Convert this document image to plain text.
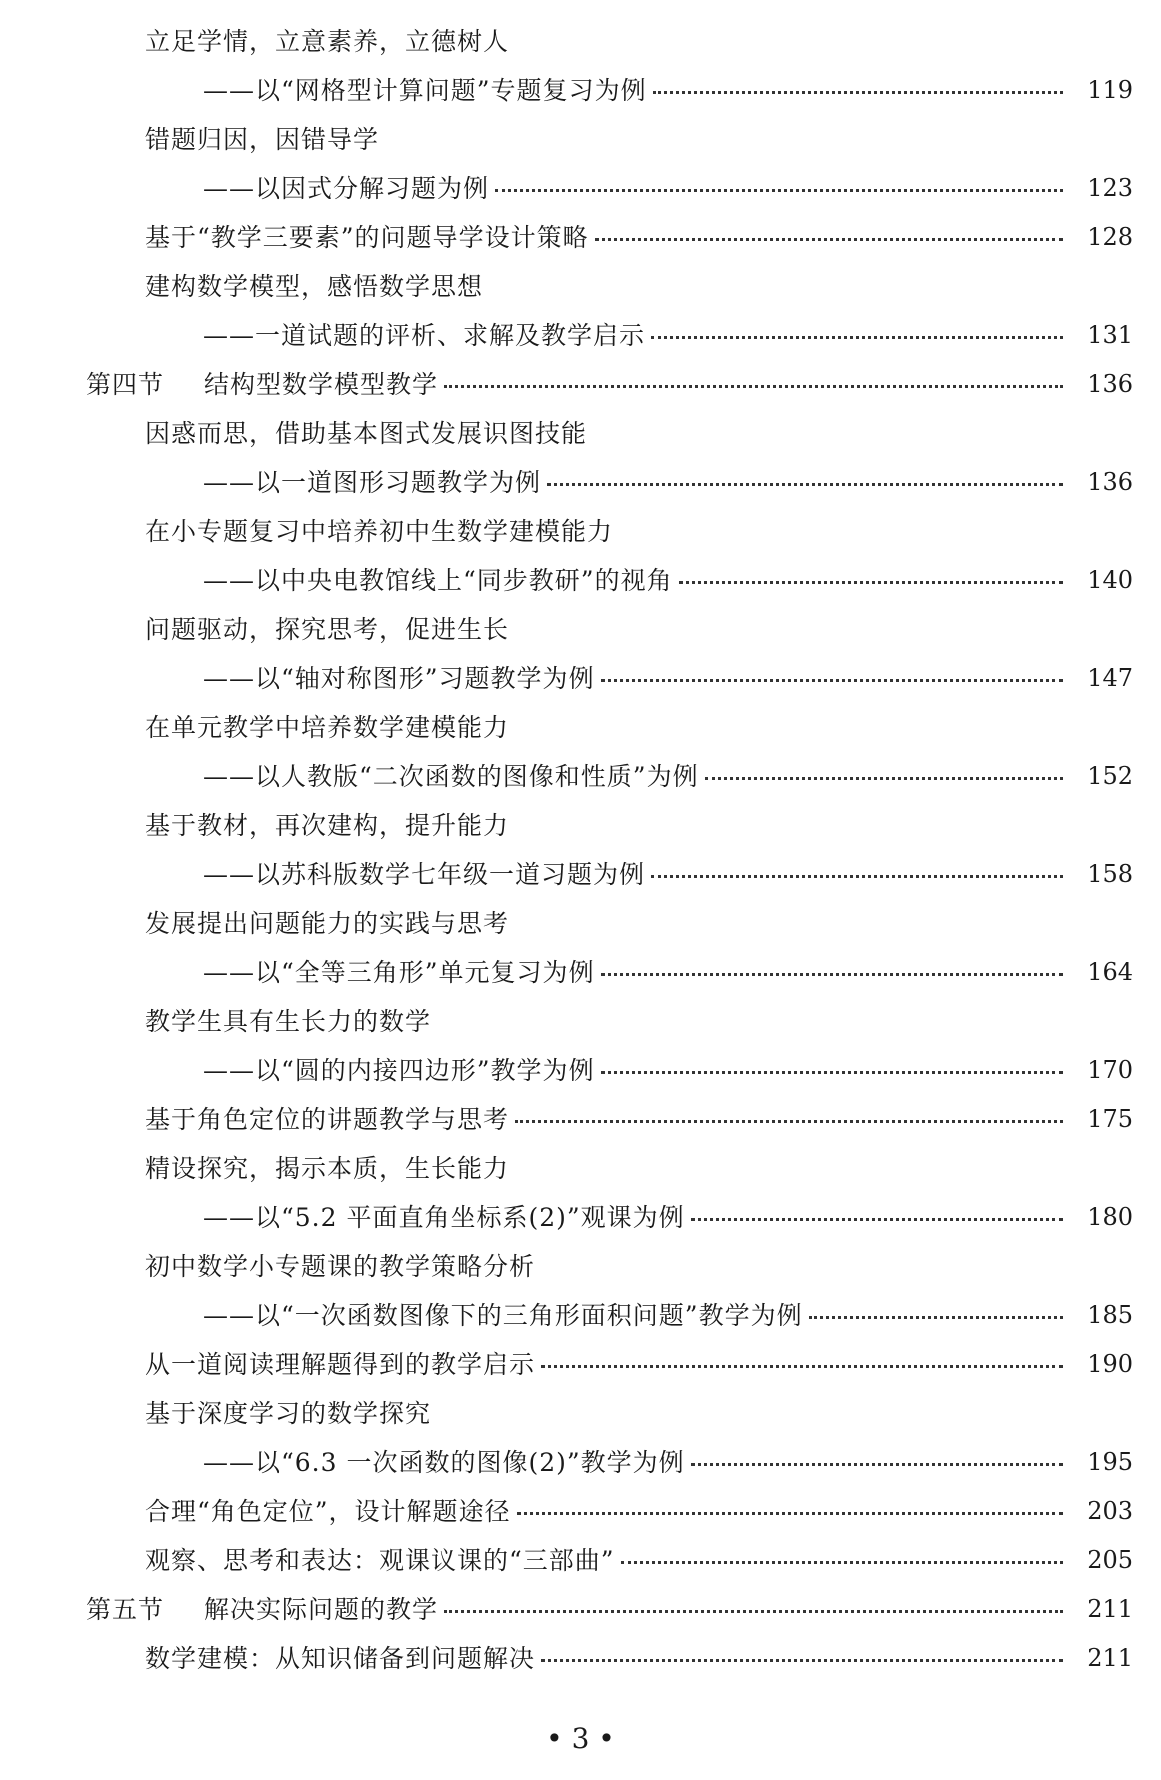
立足学情，立意素养，立德树人
——以“网格型计算问题”专题复习为例	119
错题归因，因错导学
——以因式分解习题为例	123
基于“教学三要素”的问题导学设计策略	128
建构数学模型，感悟数学思想
——一道试题的评析、求解及教学启示	131
第四节	结构型数学模型教学	136
因惑而思，借助基本图式发展识图技能
——以一道图形习题教学为例	136
在小专题复习中培养初中生数学建模能力
——以中央电教馆线上“同步教研”的视角	140
问题驱动，探究思考，促进生长
——以“轴对称图形”习题教学为例	147
在单元教学中培养数学建模能力
——以人教版“二次函数的图像和性质”为例	152
基于教材，再次建构，提升能力
——以苏科版数学七年级一道习题为例	158
发展提出问题能力的实践与思考
——以“全等三角形”单元复习为例	164
教学生具有生长力的数学
——以“圆的内接四边形”教学为例	170
基于角色定位的讲题教学与思考	175
精设探究，揭示本质，生长能力
——以“5.2 平面直角坐标系(2)”观课为例	180
初中数学小专题课的教学策略分析
——以“一次函数图像下的三角形面积问题”教学为例	185
从一道阅读理解题得到的教学启示	190
基于深度学习的数学探究
——以“6.3 一次函数的图像(2)”教学为例	195
合理“角色定位”，设计解题途径	203
观察、思考和表达：观课议课的“三部曲”	205
第五节	解决实际问题的教学	211
数学建模：从知识储备到问题解决	211
• 3 •
